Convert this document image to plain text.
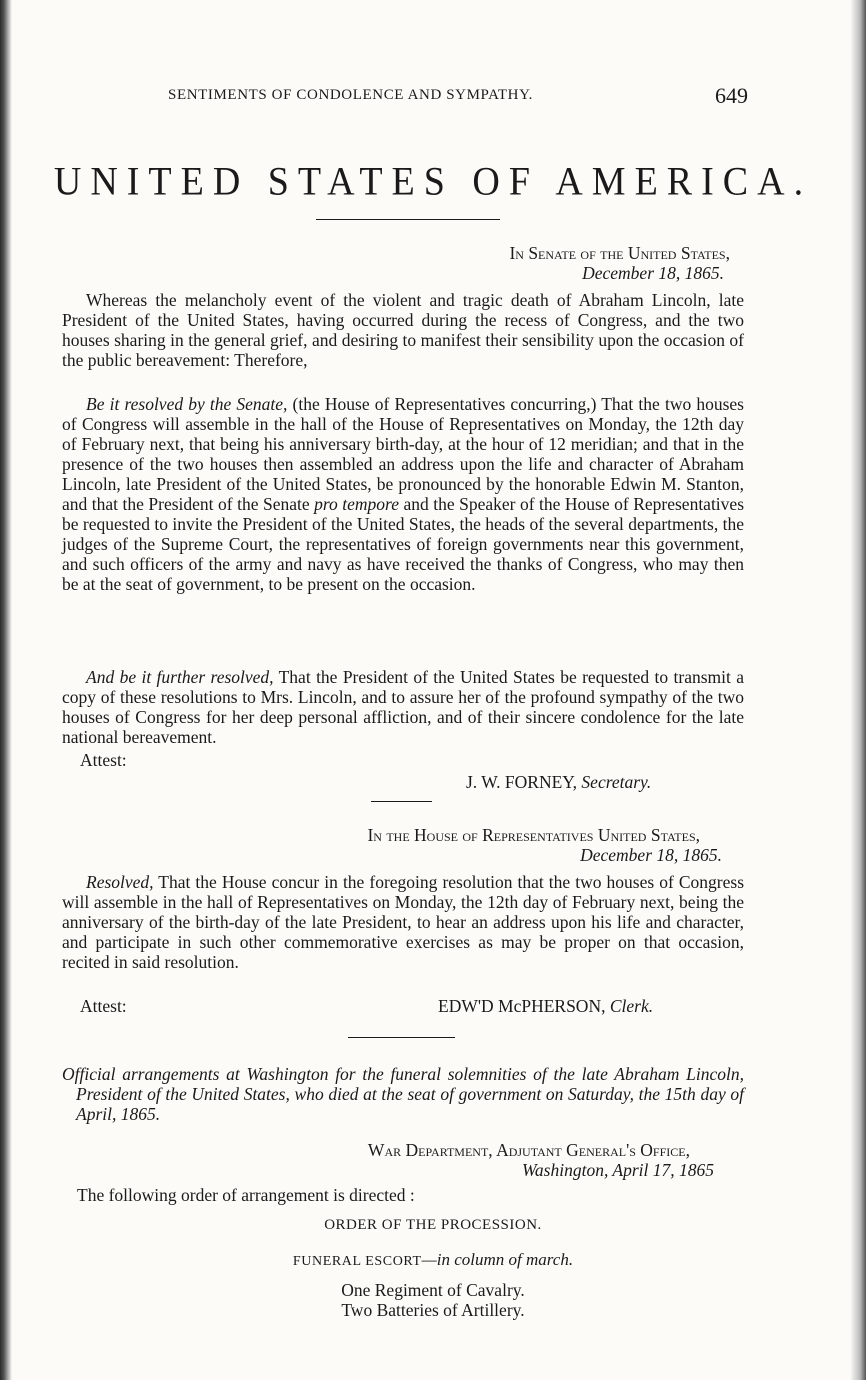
SENTIMENTS OF CONDOLENCE AND SYMPATHY.	649
UNITED STATES OF AMERICA.
In Senate of the United States,
December 18, 1865.

Whereas the melancholy event of the violent and tragic death of Abraham Lincoln, late President of the United States, having occurred during the recess of Congress, and the two houses sharing in the general grief, and desiring to manifest their sensibility upon the occasion of the public bereavement: Therefore,

Be it resolved by the Senate, (the House of Representatives concurring,) That the two houses of Congress will assemble in the hall of the House of Representatives on Monday, the 12th day of February next, that being his anniversary birth-day, at the hour of 12 meridian; and that in the presence of the two houses then assembled an address upon the life and character of Abraham Lincoln, late President of the United States, be pronounced by the honorable Edwin M. Stanton, and that the President of the Senate pro tempore and the Speaker of the House of Representatives be requested to invite the President of the United States, the heads of the several departments, the judges of the Supreme Court, the representatives of foreign governments near this government, and such officers of the army and navy as have received the thanks of Congress, who may then be at the seat of government, to be present on the occasion.

And be it further resolved, That the President of the United States be requested to transmit a copy of these resolutions to Mrs. Lincoln, and to assure her of the profound sympathy of the two houses of Congress for her deep personal affliction, and of their sincere condolence for the late national bereavement.

Attest:
J. W. FORNEY, Secretary.
In the House of Representatives United States,
December 18, 1865.

Resolved, That the House concur in the foregoing resolution that the two houses of Congress will assemble in the hall of Representatives on Monday, the 12th day of February next, being the anniversary of the birth-day of the late President, to hear an address upon his life and character, and participate in such other commemorative exercises as may be proper on that occasion, recited in said resolution.

Attest:	EDW'D McPHERSON, Clerk.

Official arrangements at Washington for the funeral solemnities of the late Abraham Lincoln, President of the United States, who died at the seat of government on Saturday, the 15th day of April, 1865.

War Department, Adjutant General's Office,
Washington, April 17, 1865
The following order of arrangement is directed :
ORDER OF THE PROCESSION.
FUNERAL ESCORT—in column of march.
One Regiment of Cavalry.
Two Batteries of Artillery.
